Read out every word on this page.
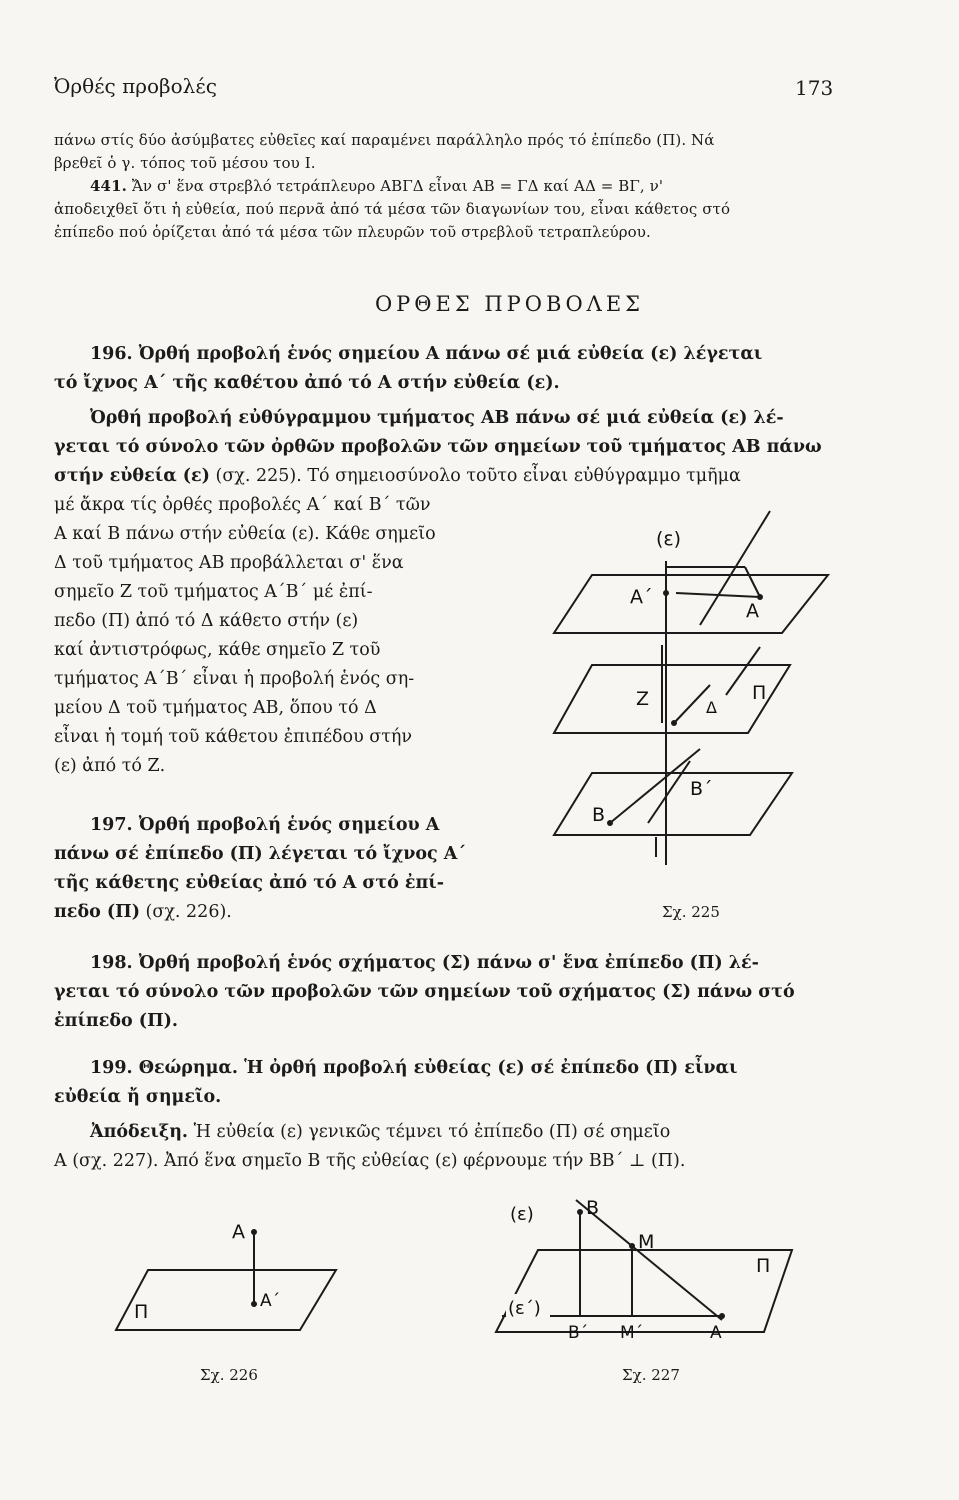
Ὀρθές προβολές	173
πάνω στίς δύο ἀσύμβατες εὐθεῖες καί παραμένει παράλληλο πρός τό ἐπίπεδο (Π). Νά
βρεθεῖ ὁ γ. τόπος τοῦ μέσου του Ι.
441. Ἄν σ' ἕνα στρεβλό τετράπλευρο ΑΒΓΔ εἶναι ΑΒ = ΓΔ καί ΑΔ = ΒΓ, ν'
ἀποδειχθεῖ ὅτι ἡ εὐθεία, πού περνᾶ ἀπό τά μέσα τῶν διαγωνίων του, εἶναι κάθετος στό
ἐπίπεδο πού ὁρίζεται ἀπό τά μέσα τῶν πλευρῶν τοῦ στρεβλοῦ τετραπλεύρου.
ΟΡΘΕΣ ΠΡΟΒΟΛΕΣ
196. Ὀρθή προβολή ἑνός σημείου Α πάνω σέ μιά εὐθεία (ε) λέγεται
τό ἴχνος Α΄ τῆς καθέτου ἀπό τό Α στήν εὐθεία (ε).
Ὀρθή προβολή εὐθύγραμμου τμήματος ΑΒ πάνω σέ μιά εὐθεία (ε) λέ-
γεται τό σύνολο τῶν ὀρθῶν προβολῶν τῶν σημείων τοῦ τμήματος ΑΒ πάνω
στήν εὐθεία (ε) (σχ. 225). Τό σημειοσύνολο τοῦτο εἶναι εὐθύγραμμο τμῆμα
μέ ἄκρα τίς ὀρθές προβολές Α΄ καί Β΄ τῶν
Α καί Β πάνω στήν εὐθεία (ε). Κάθε σημεῖο
Δ τοῦ τμήματος ΑΒ προβάλλεται σ' ἕνα
σημεῖο Ζ τοῦ τμήματος Α΄Β΄ μέ ἐπί-
πεδο (Π) ἀπό τό Δ κάθετο στήν (ε)
καί ἀντιστρόφως, κάθε σημεῖο Ζ τοῦ
τμήματος Α΄Β΄ εἶναι ἡ προβολή ἑνός ση-
μείου Δ τοῦ τμήματος ΑΒ, ὅπου τό Δ
εἶναι ἡ τομή τοῦ κάθετου ἐπιπέδου στήν
(ε) ἀπό τό Ζ.
197. Ὀρθή προβολή ἑνός σημείου Α
πάνω σέ ἐπίπεδο (Π) λέγεται τό ἴχνος Α΄
τῆς κάθετης εὐθείας ἀπό τό Α στό ἐπί-
πεδο (Π) (σχ. 226).
198. Ὀρθή προβολή ἑνός σχήματος (Σ) πάνω σ' ἕνα ἐπίπεδο (Π) λέ-
γεται τό σύνολο τῶν προβολῶν τῶν σημείων τοῦ σχήματος (Σ) πάνω στό
ἐπίπεδο (Π).
199. Θεώρημα. Ἡ ὀρθή προβολή εὐθείας (ε) σέ ἐπίπεδο (Π) εἶναι
εὐθεία ἤ σημεῖο.
Ἀπόδειξη. Ἡ εὐθεία (ε) γενικῶς τέμνει τό ἐπίπεδο (Π) σέ σημεῖο
Α (σχ. 227). Ἀπό ἕνα σημεῖο Β τῆς εὐθείας (ε) φέρνουμε τήν ΒΒ΄ ⊥ (Π).
(ε)
Α΄
Α
Ζ	Δ
Π
Β
Β΄
Σχ. 225
Α
Α΄
Π
Σχ. 226
(ε)	Β
Μ
Π
(ε΄)
Β΄ Μ΄	Α
Σχ. 227
